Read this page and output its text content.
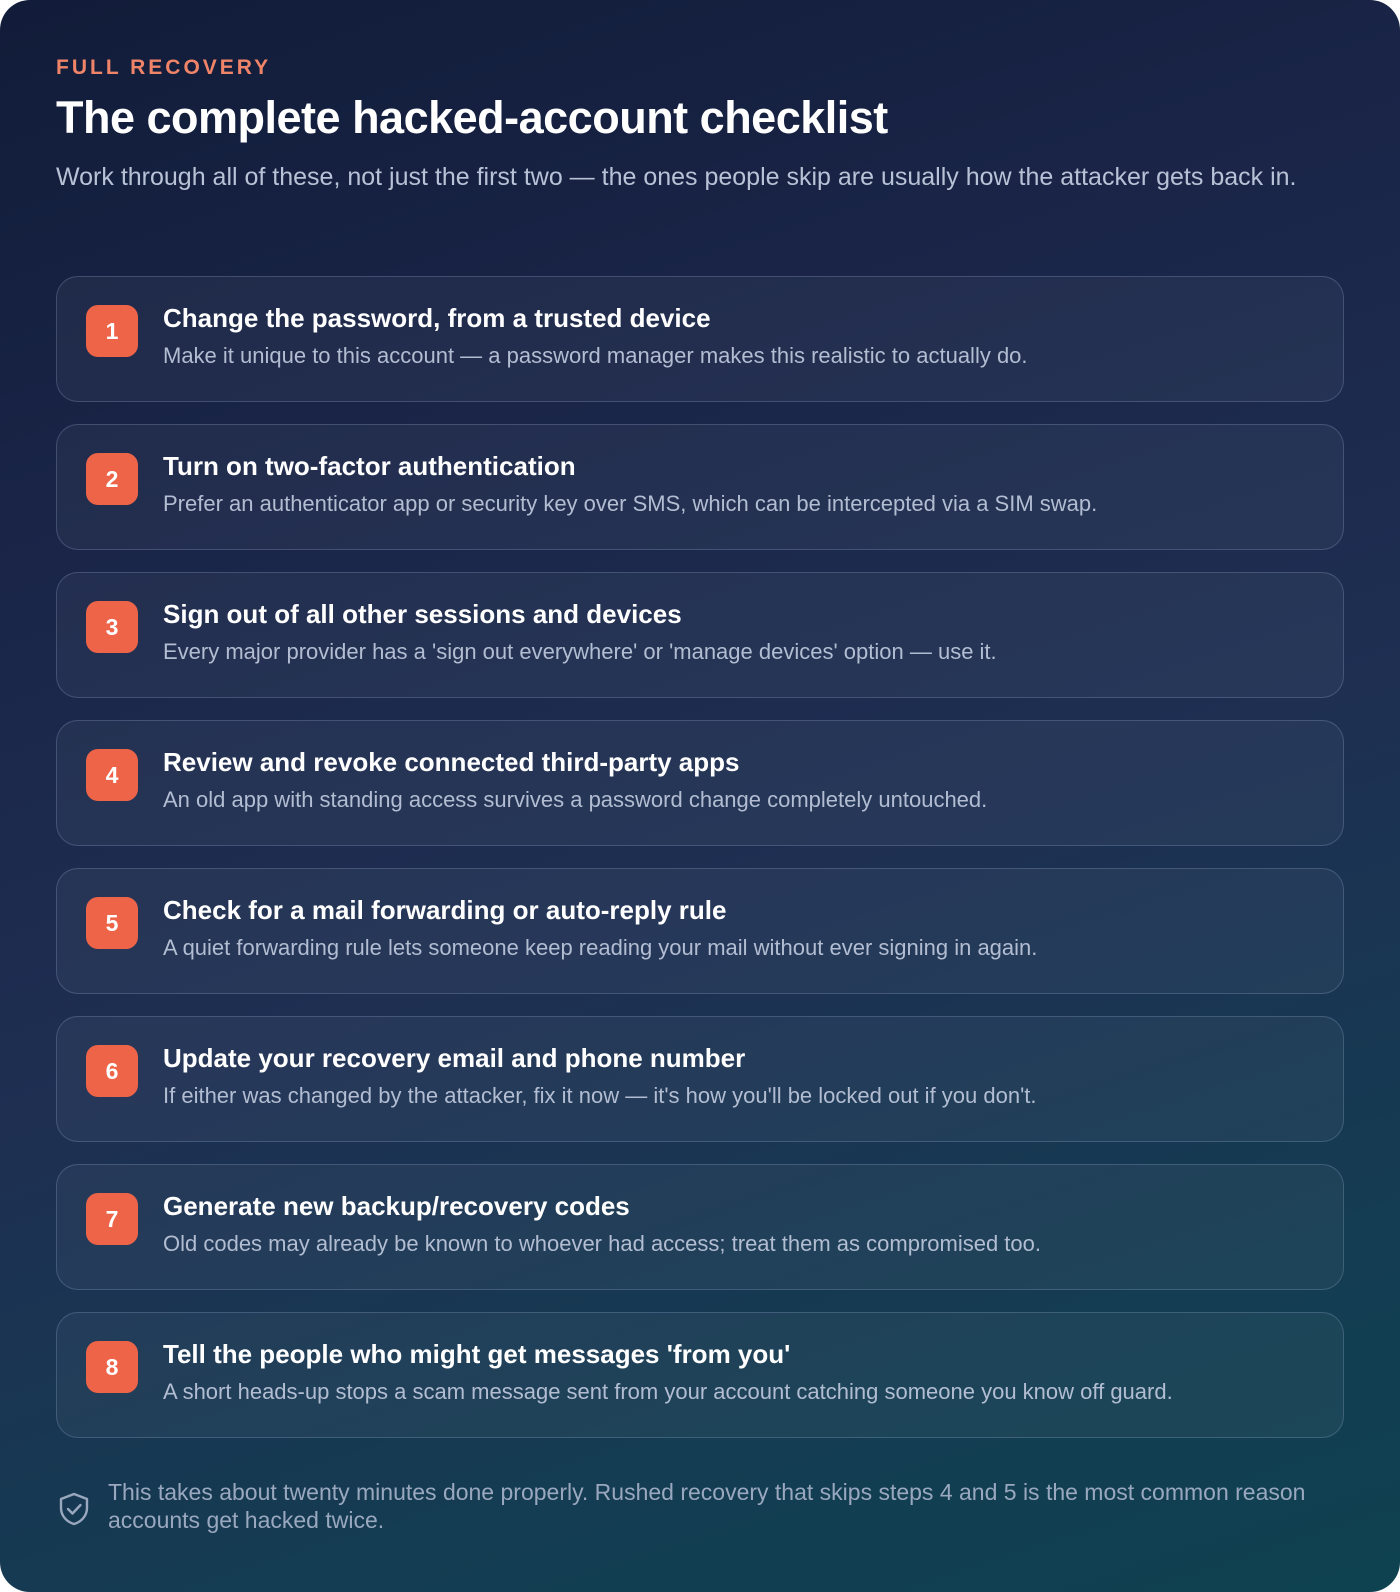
FULL RECOVERY
The complete hacked-account checklist
Work through all of these, not just the first two — the ones people skip are usually how the attacker gets back in.
1	Change the password, from a trusted device
Make it unique to this account — a password manager makes this realistic to actually do.
2	Turn on two-factor authentication
Prefer an authenticator app or security key over SMS, which can be intercepted via a SIM swap.
3	Sign out of all other sessions and devices
Every major provider has a 'sign out everywhere' or 'manage devices' option — use it.
4	Review and revoke connected third-party apps
An old app with standing access survives a password change completely untouched.
5	Check for a mail forwarding or auto-reply rule
A quiet forwarding rule lets someone keep reading your mail without ever signing in again.
6	Update your recovery email and phone number
If either was changed by the attacker, fix it now — it's how you'll be locked out if you don't.
7	Generate new backup/recovery codes
Old codes may already be known to whoever had access; treat them as compromised too.
8	Tell the people who might get messages 'from you'
A short heads-up stops a scam message sent from your account catching someone you know off guard.
This takes about twenty minutes done properly. Rushed recovery that skips steps 4 and 5 is the most common reason accounts get hacked twice.
